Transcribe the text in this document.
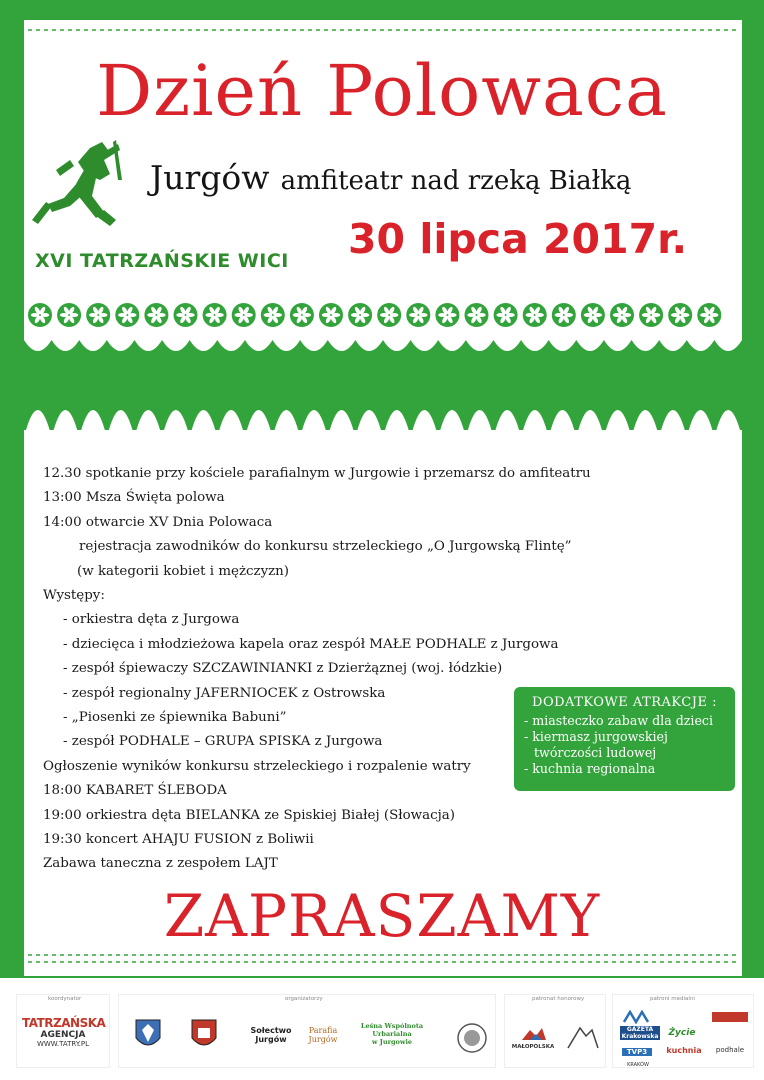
Dzień Polowaca
Jurgów amfiteatr nad rzeką Białką
XVI TATRZAŃSKIE WICI 30 lipca 2017r.
12.30 spotkanie przy kościele parafialnym w Jurgowie i przemarsz do amfiteatru
13:00 Msza Święta polowa
14:00 otwarcie XV Dnia Polowaca
rejestracja zawodników do konkursu strzeleckiego „O Jurgowską Flintę”
(w kategorii kobiet i mężczyzn)
Występy:
- orkiestra dęta z Jurgowa
- dziecięca i młodzieżowa kapela oraz zespół MAŁE PODHALE z Jurgowa
- zespół śpiewaczy SZCZAWINIANKI z Dzierżąznej (woj. łódzkie)
- zespół regionalny JAFERNIOCEK z Ostrowska
- „Piosenki ze śpiewnika Babuni”
- zespół PODHALE – GRUPA SPISKA z Jurgowa
Ogłoszenie wyników konkursu strzeleckiego i rozpalenie watry
18:00 KABARET ŚLEBODA
19:00 orkiestra dęta BIELANKA ze Spiskiej Białej (Słowacja)
19:30 koncert AHAJU FUSION z Boliwii
Zabawa taneczna z zespołem LAJT
DODATKOWE ATRAKCJE :
- miasteczko zabaw dla dzieci
- kiermasz jurgowskiej
twórczości ludowej
- kuchnia regionalna
ZAPRASZAMY
koordynator
TATRZAŃSKA
AGENCJA
WWW.TATRY.PL
organizatorzy
Sołectwo
Jurgów
Parafia
Jurgów
Leśna Wspólnota
Urbarialna
w Jurgowie
patronat honorowy
MAŁOPOLSKA
patroni medialni
GAZETA Krakowska
TVP3
KRAKÓW
Życie
kuchnia	podhale
